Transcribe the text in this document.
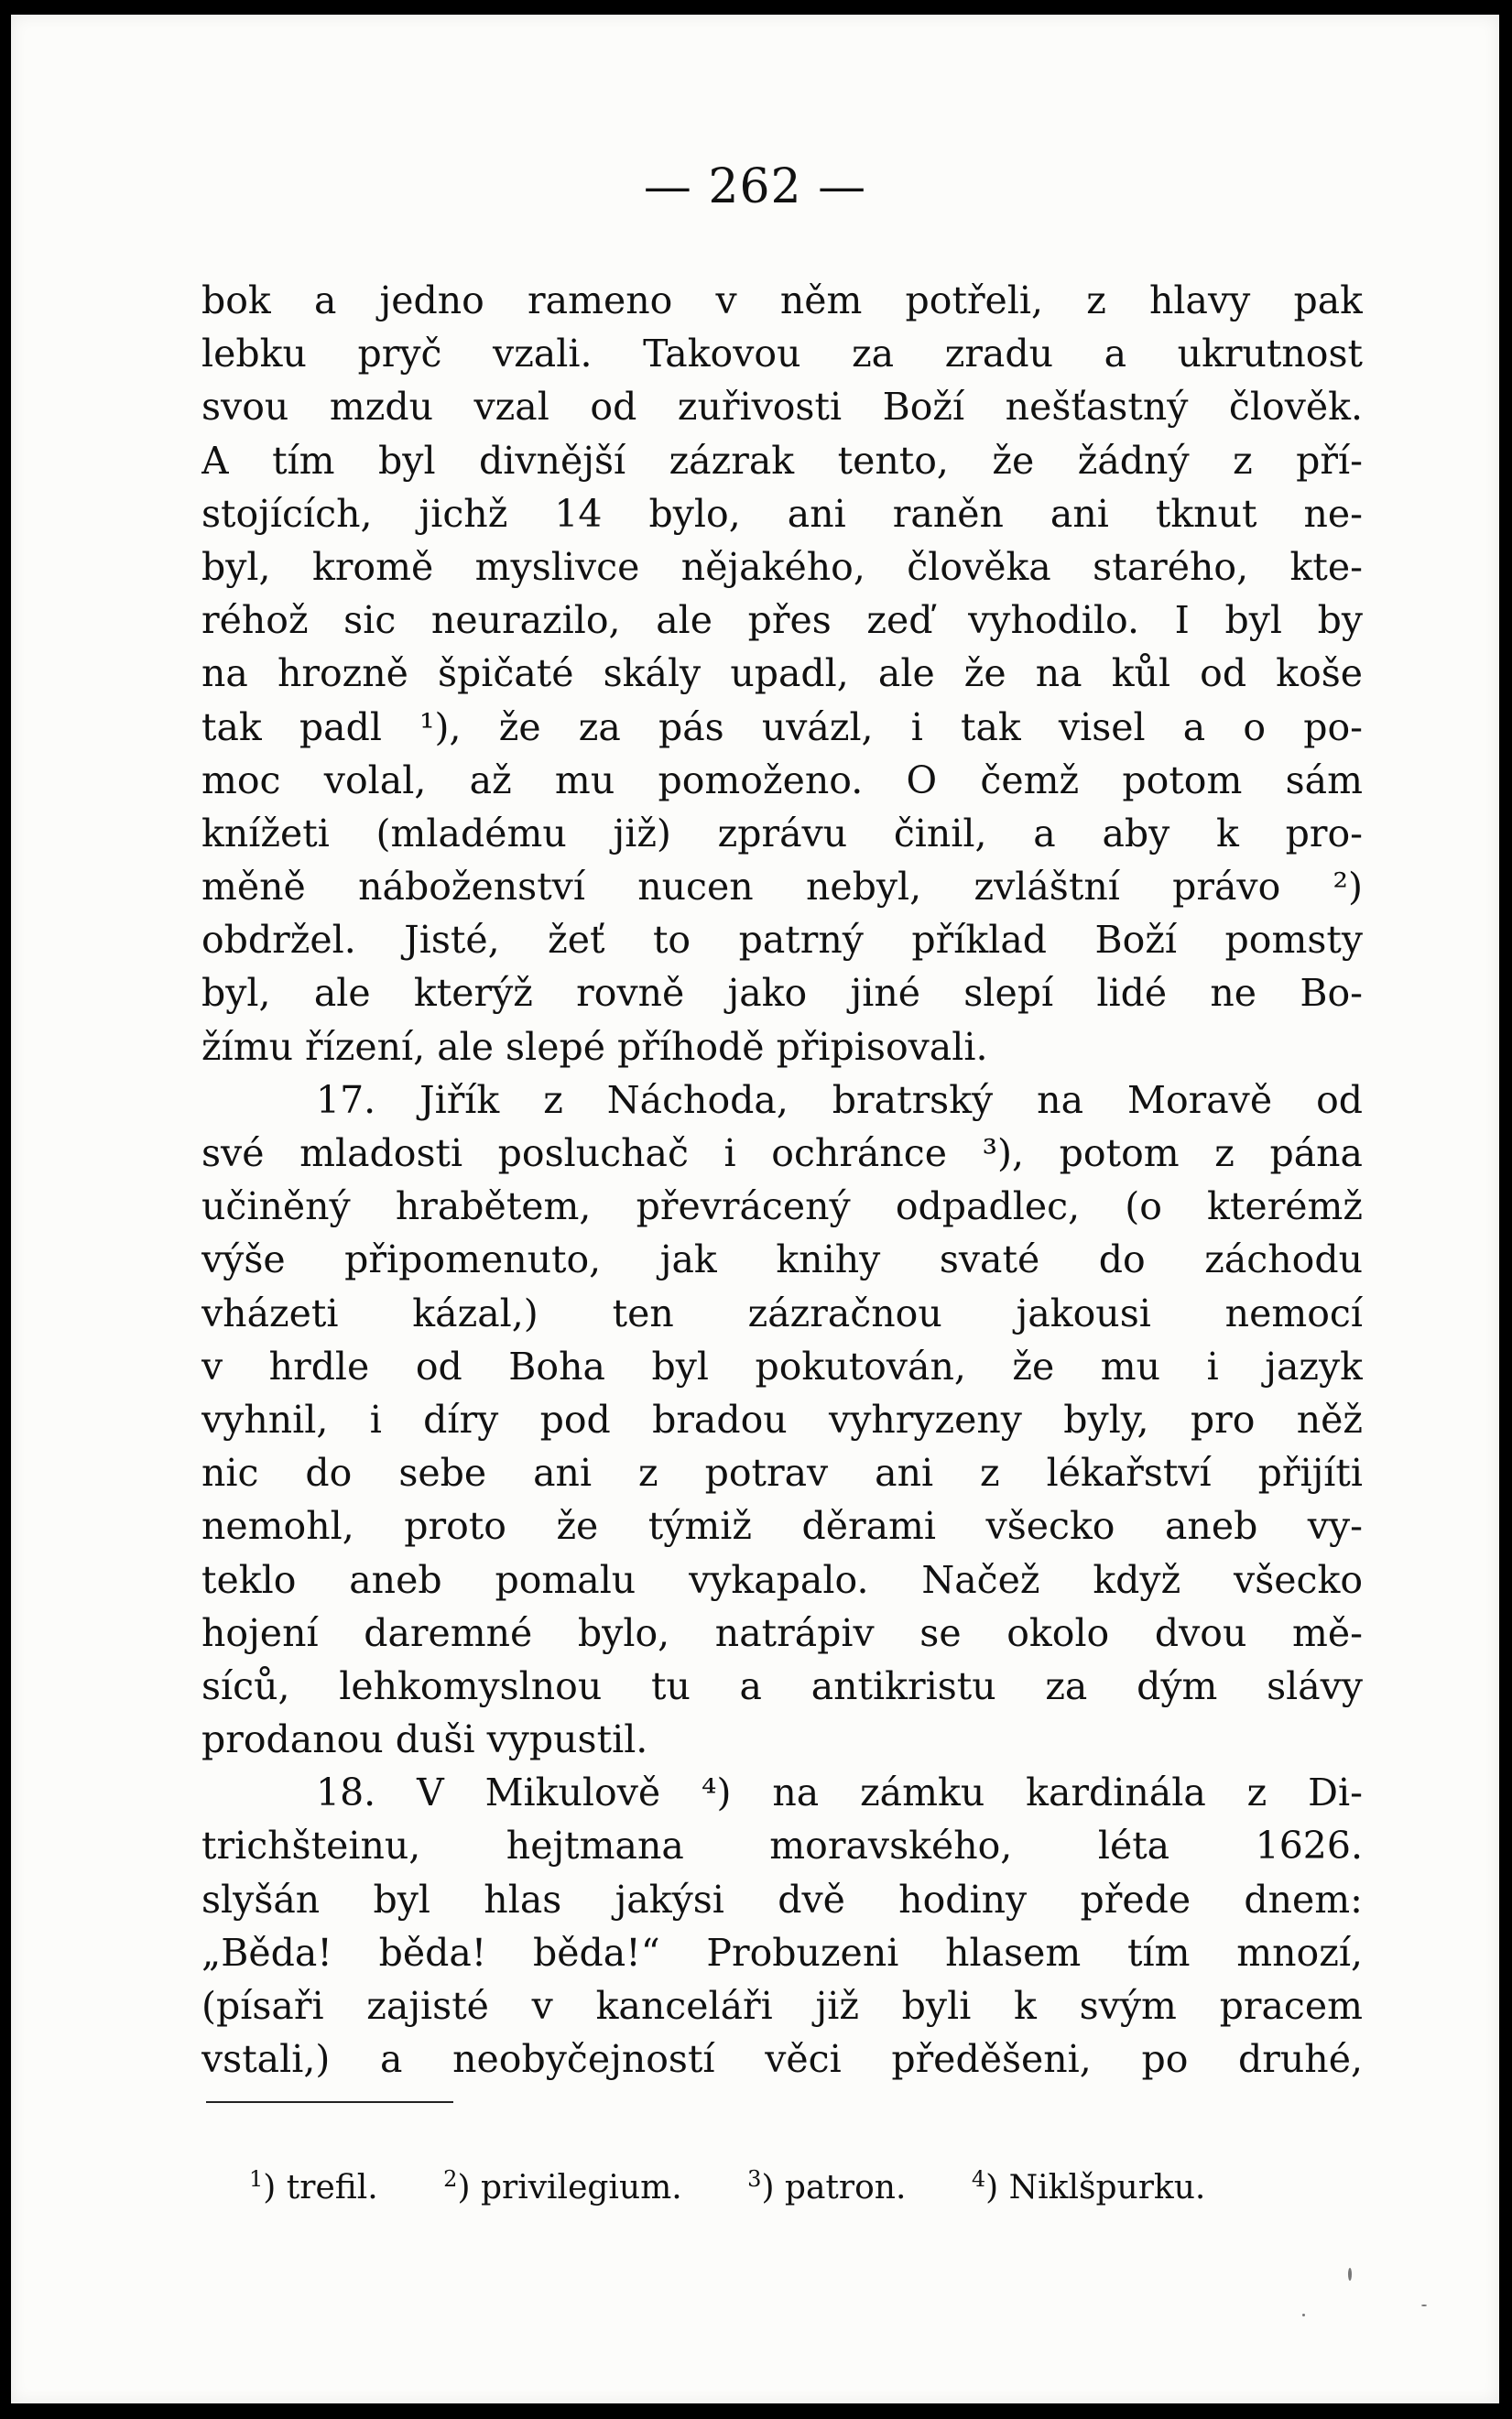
— 262 —
bok a jedno rameno v něm potřeli, z hlavy pak
lebku pryč vzali. Takovou za zradu a ukrutnost
svou mzdu vzal od zuřivosti Boží nešťastný člověk.
A tím byl divnější zázrak tento, že žádný z pří-
stojících, jichž 14 bylo, ani raněn ani tknut ne-
byl, kromě myslivce nějakého, člověka starého, kte-
réhož sic neurazilo, ale přes zeď vyhodilo. I byl by
na hrozně špičaté skály upadl, ale že na kůl od koše
tak padl ¹), že za pás uvázl, i tak visel a o po-
moc volal, až mu pomoženo. O čemž potom sám
knížeti (mladému již) zprávu činil, a aby k pro-
měně náboženství nucen nebyl, zvláštní právo ²)
obdržel. Jisté, žeť to patrný příklad Boží pomsty
byl, ale kterýž rovně jako jiné slepí lidé ne Bo-
žímu řízení, ale slepé příhodě připisovali.
17. Jiřík z Náchoda, bratrský na Moravě od
své mladosti posluchač i ochránce ³), potom z pána
učiněný hrabětem, převrácený odpadlec, (o kterémž
výše připomenuto, jak knihy svaté do záchodu
vházeti kázal,) ten zázračnou jakousi nemocí
v hrdle od Boha byl pokutován, že mu i jazyk
vyhnil, i díry pod bradou vyhryzeny byly, pro něž
nic do sebe ani z potrav ani z lékařství přijíti
nemohl, proto že týmiž děrami všecko aneb vy-
teklo aneb pomalu vykapalo. Načež když všecko
hojení daremné bylo, natrápiv se okolo dvou mě-
síců, lehkomyslnou tu a antikristu za dým slávy
prodanou duši vypustil.
18. V Mikulově ⁴) na zámku kardinála z Di-
trichšteinu, hejtmana moravského, léta 1626.
slyšán byl hlas jakýsi dvě hodiny přede dnem:
„Běda! běda! běda!“ Probuzeni hlasem tím mnozí,
(písaři zajisté v kanceláři již byli k svým pracem
vstali,) a neobyčejností věci předěšeni, po druhé,
$^1$) trefil.	$^2$) privilegium.	$^3$) patron.	$^4$) Niklšpurku.
